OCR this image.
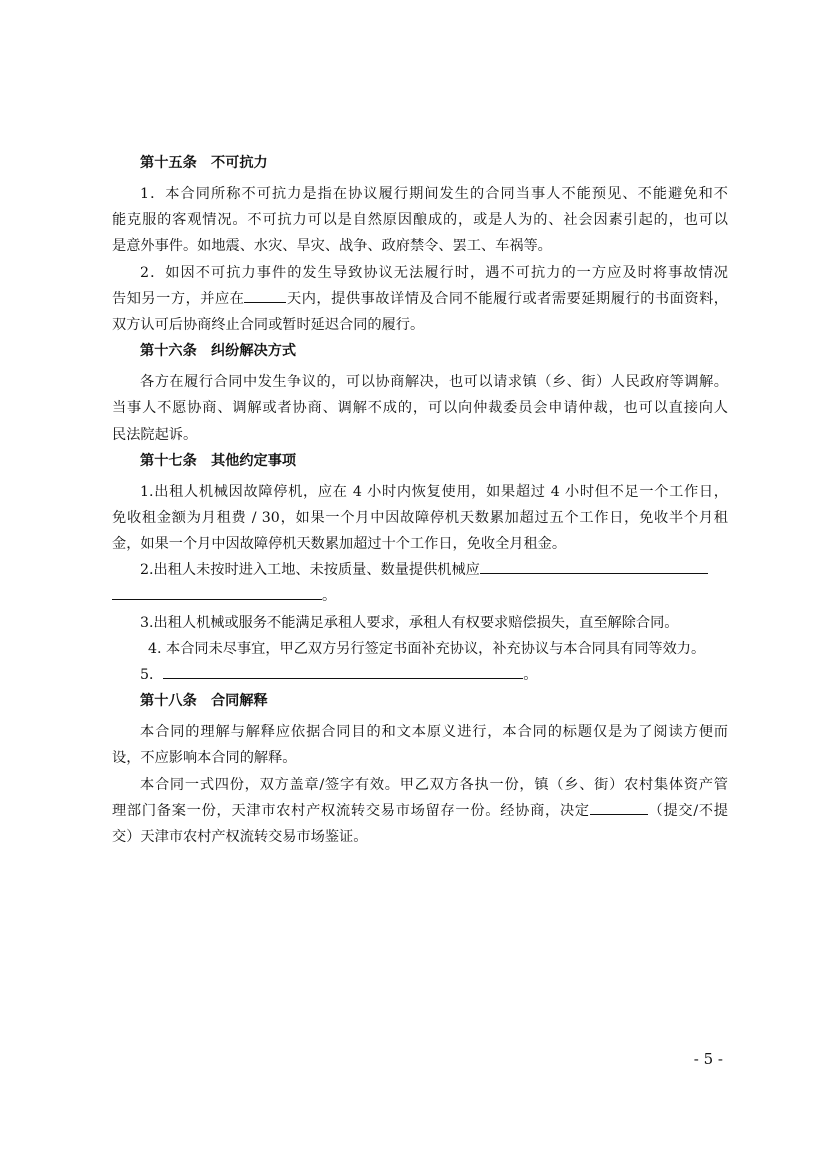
第十五条　不可抗力
1．本合同所称不可抗力是指在协议履行期间发生的合同当事人不能预见、不能避免和不
能克服的客观情况。不可抗力可以是自然原因酿成的，或是人为的、社会因素引起的，也可以
是意外事件。如地震、水灾、旱灾、战争、政府禁令、罢工、车祸等。
2．如因不可抗力事件的发生导致协议无法履行时，遇不可抗力的一方应及时将事故情况
告知另一方，并应在	天内，提供事故详情及合同不能履行或者需要延期履行的书面资料，
双方认可后协商终止合同或暂时延迟合同的履行。
第十六条　纠纷解决方式
各方在履行合同中发生争议的，可以协商解决，也可以请求镇（乡、街）人民政府等调解。
当事人不愿协商、调解或者协商、调解不成的，可以向仲裁委员会申请仲裁，也可以直接向人
民法院起诉。
第十七条　其他约定事项
1.出租人机械因故障停机，应在 4 小时内恢复使用，如果超过 4 小时但不足一个工作日，
免收租金额为月租费 / 30，如果一个月中因故障停机天数累加超过五个工作日，免收半个月租
金，如果一个月中因故障停机天数累加超过十个工作日，免收全月租金。
2.出租人未按时进入工地、未按质量、数量提供机械应
。
3.出租人机械或服务不能满足承租人要求，承租人有权要求赔偿损失，直至解除合同。
4. 本合同未尽事宜，甲乙双方另行签定书面补充协议，补充协议与本合同具有同等效力。
5．	。
第十八条　合同解释
本合同的理解与解释应依据合同目的和文本原义进行，本合同的标题仅是为了阅读方便而
设，不应影响本合同的解释。
本合同一式四份，双方盖章/签字有效。甲乙双方各执一份，镇（乡、街）农村集体资产管
理部门备案一份，天津市农村产权流转交易市场留存一份。经协商，决定	（提交/不提
交）天津市农村产权流转交易市场鉴证。
- 5 -
